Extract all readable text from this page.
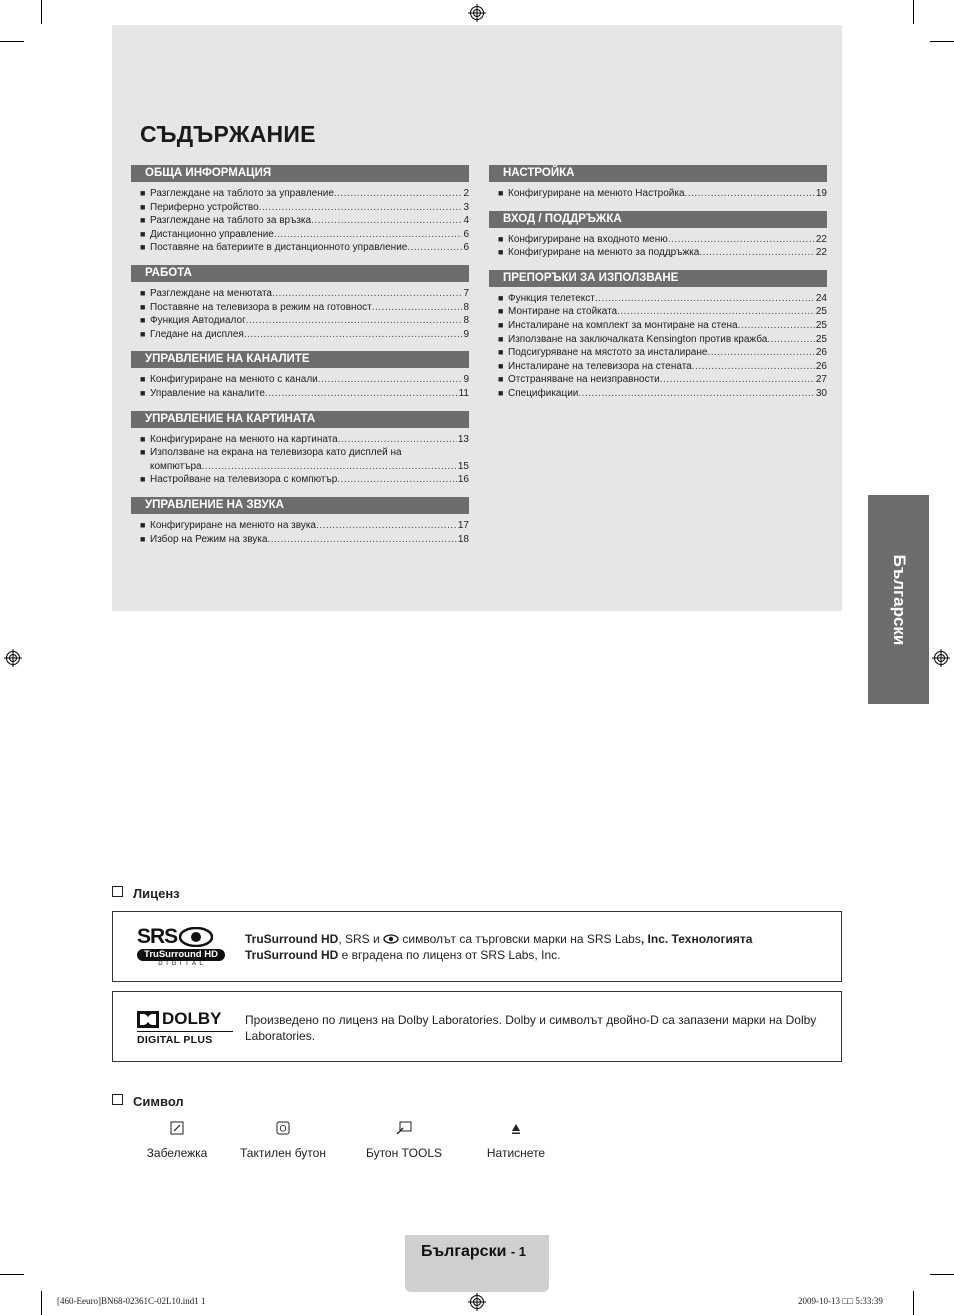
СЪДЪРЖАНИЕ
ОБЩА ИНФОРМАЦИЯ
■ Разглеждане на таблото за управление .....	2
■ Периферно устройство .....	3
■ Разглеждане на таблото за връзка .....	4
■ Дистанционно управление .....	6
■ Поставяне на батериите в дистанционното управление .....	6
РАБОТА
■ Разглеждане на менютата .....	7
■ Поставяне на телевизора в режим на готовност .....	8
■ Функция Автодиалог .....	8
■ Гледане на дисплея .....	9
УПРАВЛЕНИЕ НА КАНАЛИТЕ
■ Конфигуриране на менюто с канали .....	9
■ Управление на каналите .....	11
УПРАВЛЕНИЕ НА КАРТИНАТА
■ Конфигуриране на менюто на картината .....	13
■ Използване на екрана на телевизора като дисплей на
компютъра .....	15
■ Настройване на телевизора с компютър .....	16
УПРАВЛЕНИЕ НА ЗВУКА
■ Конфигуриране на менюто на звука .....	17
■ Избор на Режим на звука .....	18
НАСТРОЙКА
■ Конфигуриране на менюто Настройка .....	19
ВХОД / ПОДДРЪЖКА
■ Конфигуриране на входното меню .....	22
■ Конфигуриране на менюто за поддръжка .....	22
ПРЕПОРЪКИ ЗА ИЗПОЛЗВАНЕ
■ Функция телетекст .....	24
■ Монтиране на стойката .....	25
■ Инсталиране на комплект за монтиране на стена .....	25
■ Използване на заключалката Kensington против кражба .....	25
■ Подсигуряване на мястото за инсталиране .....	26
■ Инсталиране на телевизора на стената .....	26
■ Отстраняване на неизправности .....	27
■ Спецификации .....	30
Български
Лиценз
SRS
TruSurround HD
D I G I T A L
TruSurround HD, SRS и  символът са търговски марки на SRS Labs, Inc. Технологията
TruSurround HD е вградена по лиценз от SRS Labs, Inc.
DOLBY
DIGITAL PLUS
Произведено по лиценз на Dolby Laboratories. Dolby и символът двойно-D са запазени марки на Dolby Laboratories.
Символ
Забележка
O
Тактилен бутон	Бутон TOOLS	Натиснете
Български - 1
[460-Eeuro]BN68-02361C-02L10.ind1 1	2009-10-13 □□ 5:33:39
